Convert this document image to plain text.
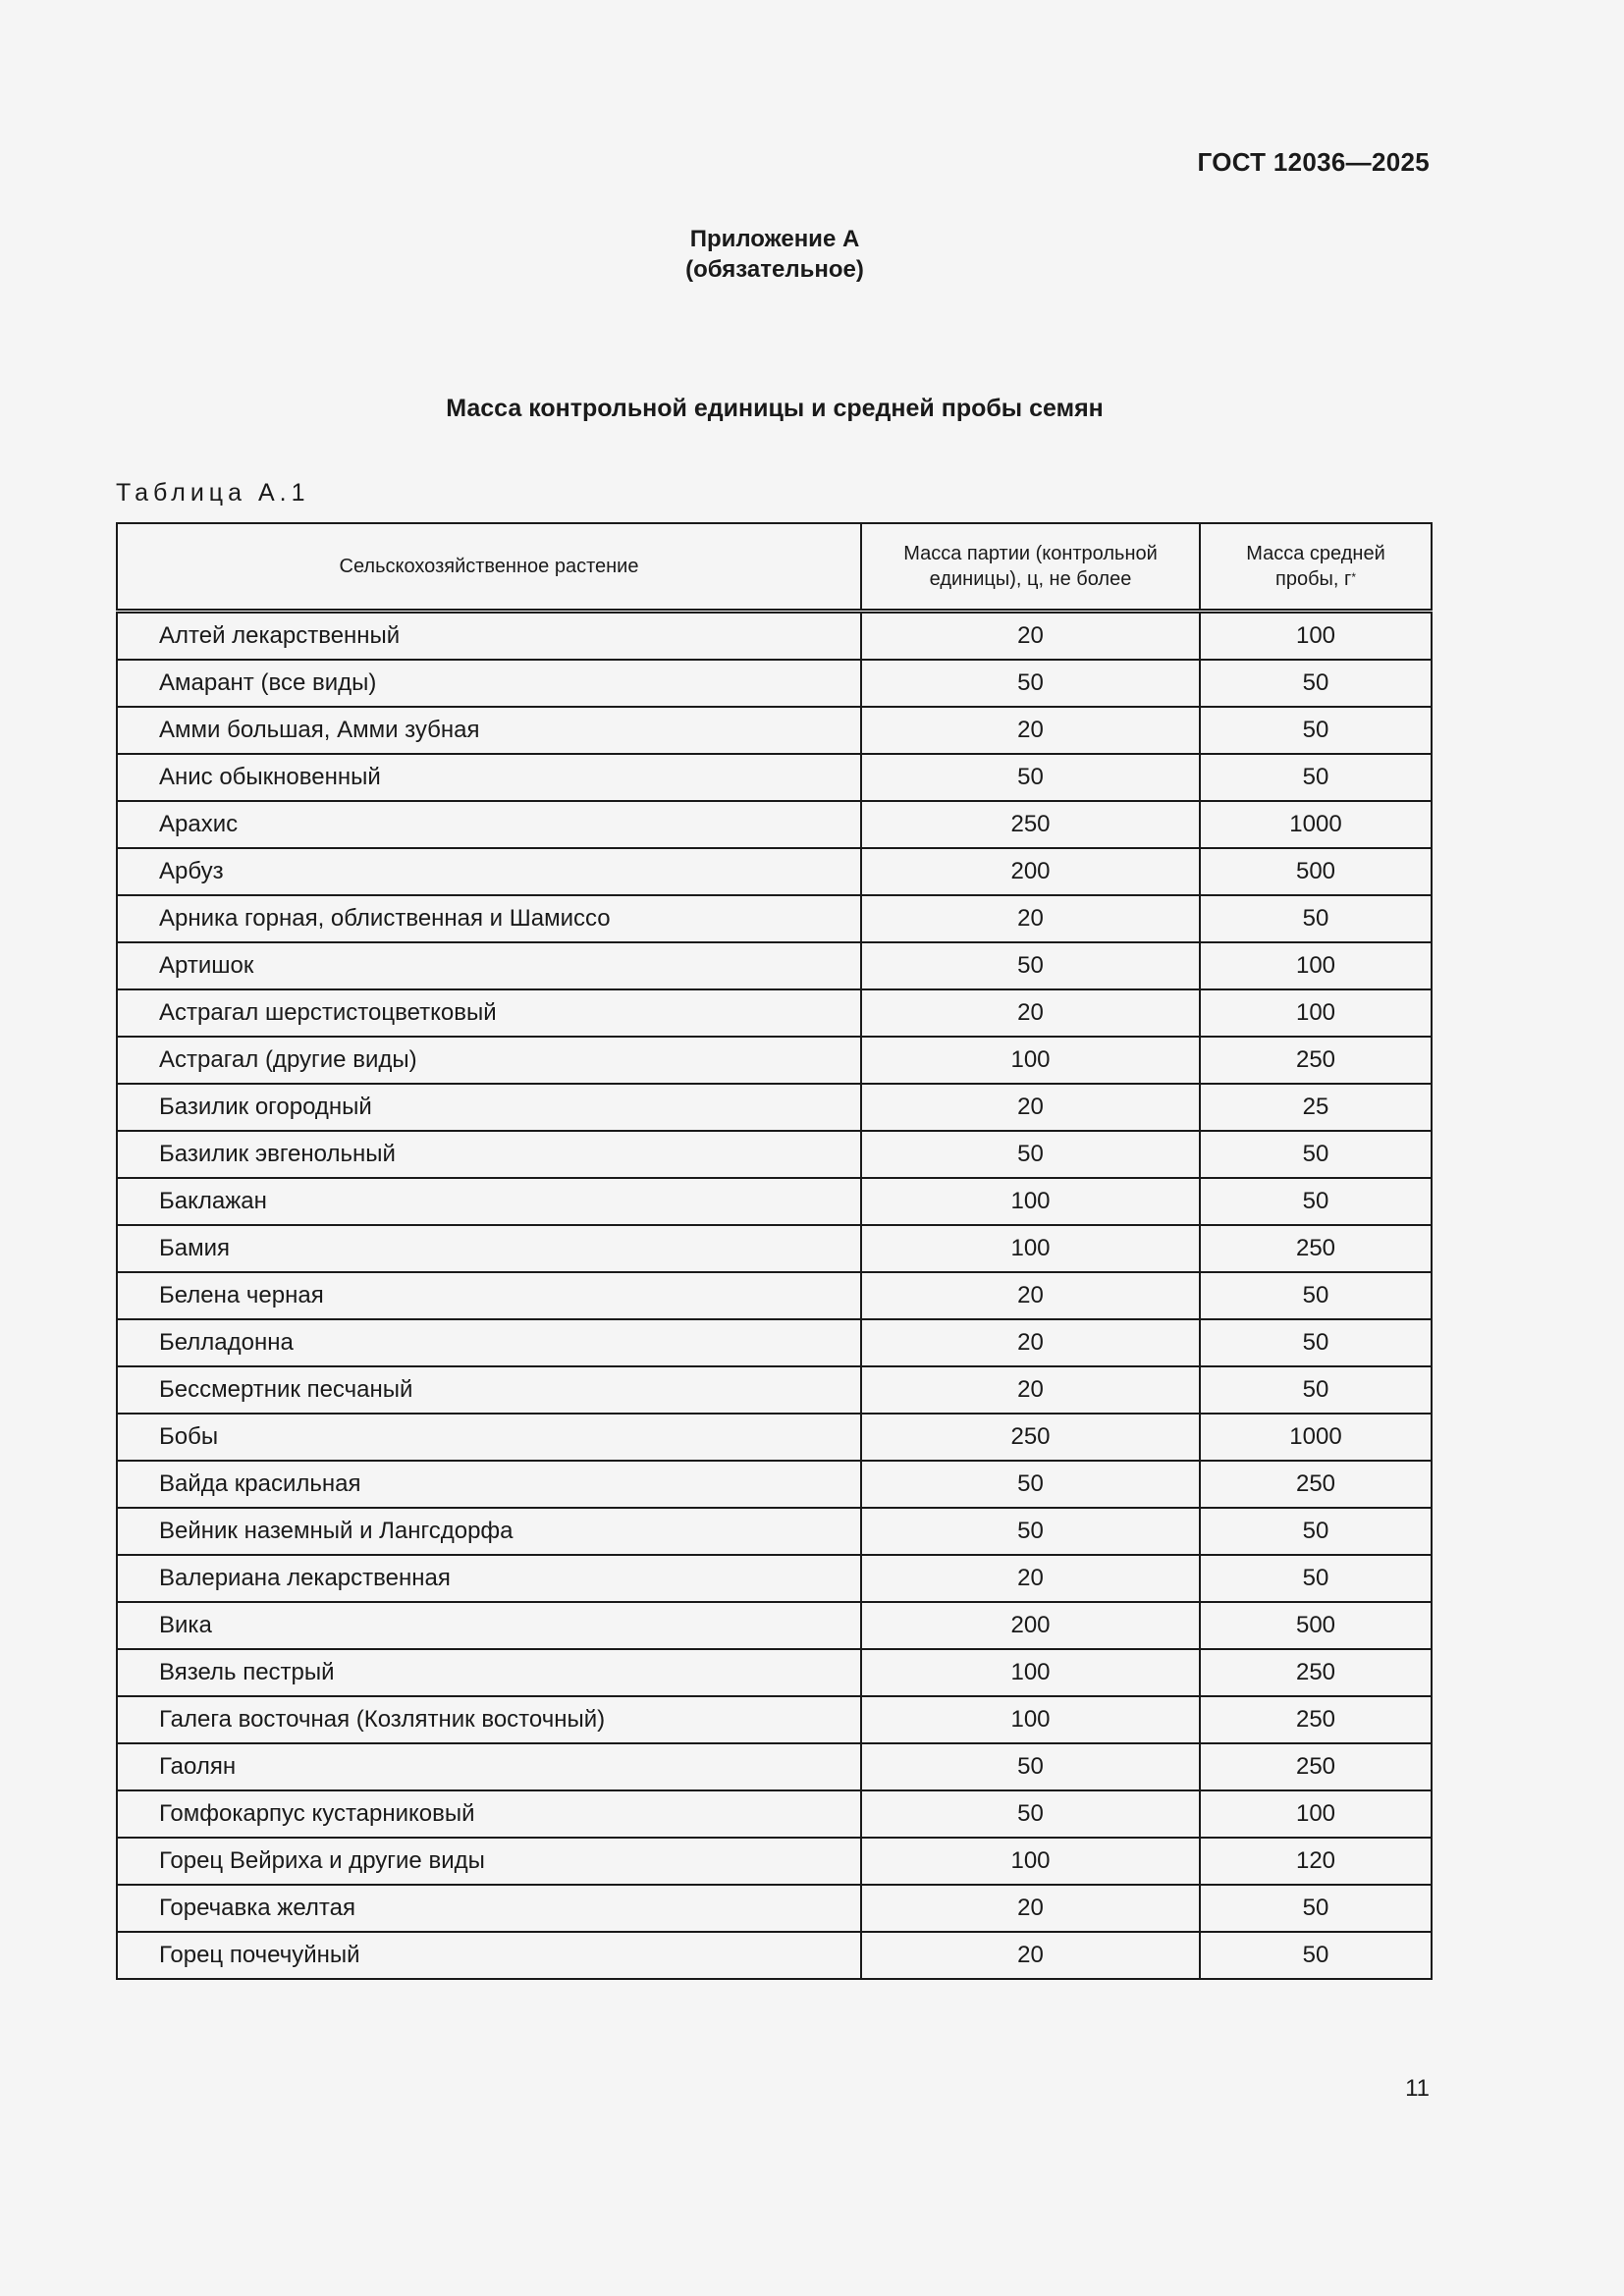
ГОСТ 12036—2025
Приложение А
(обязательное)
Масса контрольной единицы и средней пробы семян
Таблица А.1
Сельскохозяйственное растение	Масса партии (контрольной единицы), ц, не более	Масса средней пробы, г*

Алтей лекарственный	20	100
Амарант (все виды)	50	50
Амми большая, Амми зубная	20	50
Анис обыкновенный	50	50
Арахис	250	1000
Арбуз	200	500
Арника горная, облиственная и Шамиссо	20	50
Артишок	50	100
Астрагал шерстистоцветковый	20	100
Астрагал (другие виды)	100	250
Базилик огородный	20	25
Базилик эвгенольный	50	50
Баклажан	100	50
Бамия	100	250
Белена черная	20	50
Белладонна	20	50
Бессмертник песчаный	20	50
Бобы	250	1000
Вайда красильная	50	250
Вейник наземный и Лангсдорфа	50	50
Валериана лекарственная	20	50
Вика	200	500
Вязель пестрый	100	250
Галега восточная (Козлятник восточный)	100	250
Гаолян	50	250
Гомфокарпус кустарниковый	50	100
Горец Вейриха и другие виды	100	120
Горечавка желтая	20	50
Горец почечуйный	20	50
11
